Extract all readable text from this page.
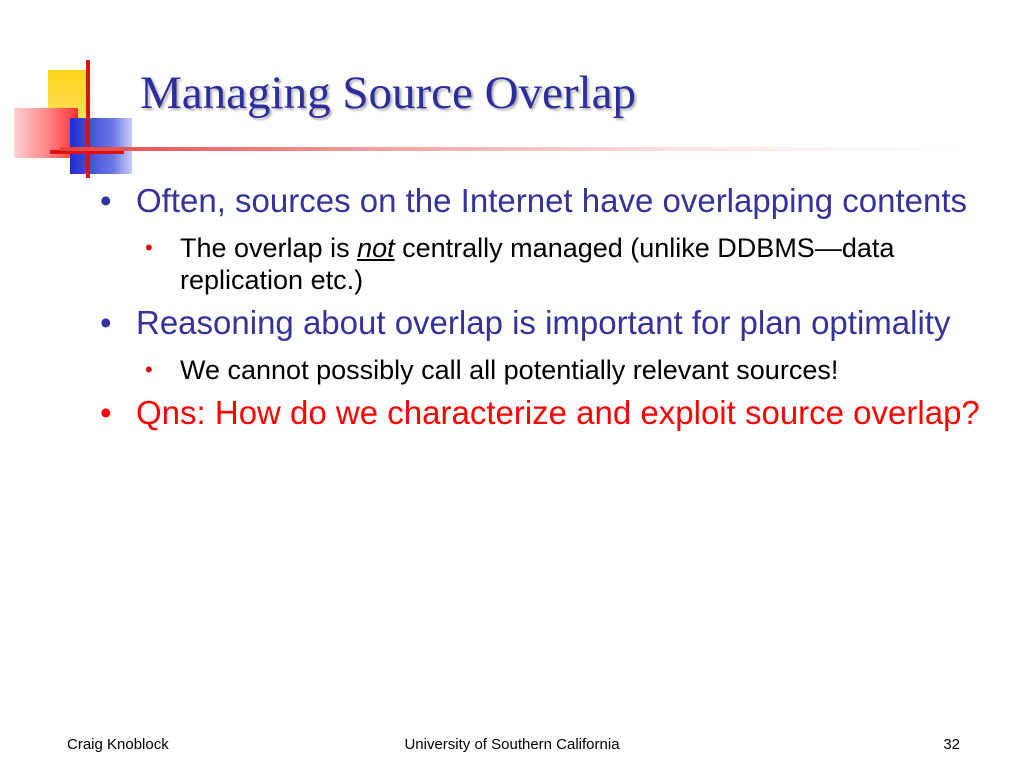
Managing Source Overlap
• Often, sources on the Internet have overlapping contents
• The overlap is not centrally managed (unlike DDBMS—data replication etc.)
• Reasoning about overlap is important for plan optimality
• We cannot possibly call all potentially relevant sources!
• Qns: How do we characterize and exploit source overlap?
Craig Knoblock	University of Southern California	32
